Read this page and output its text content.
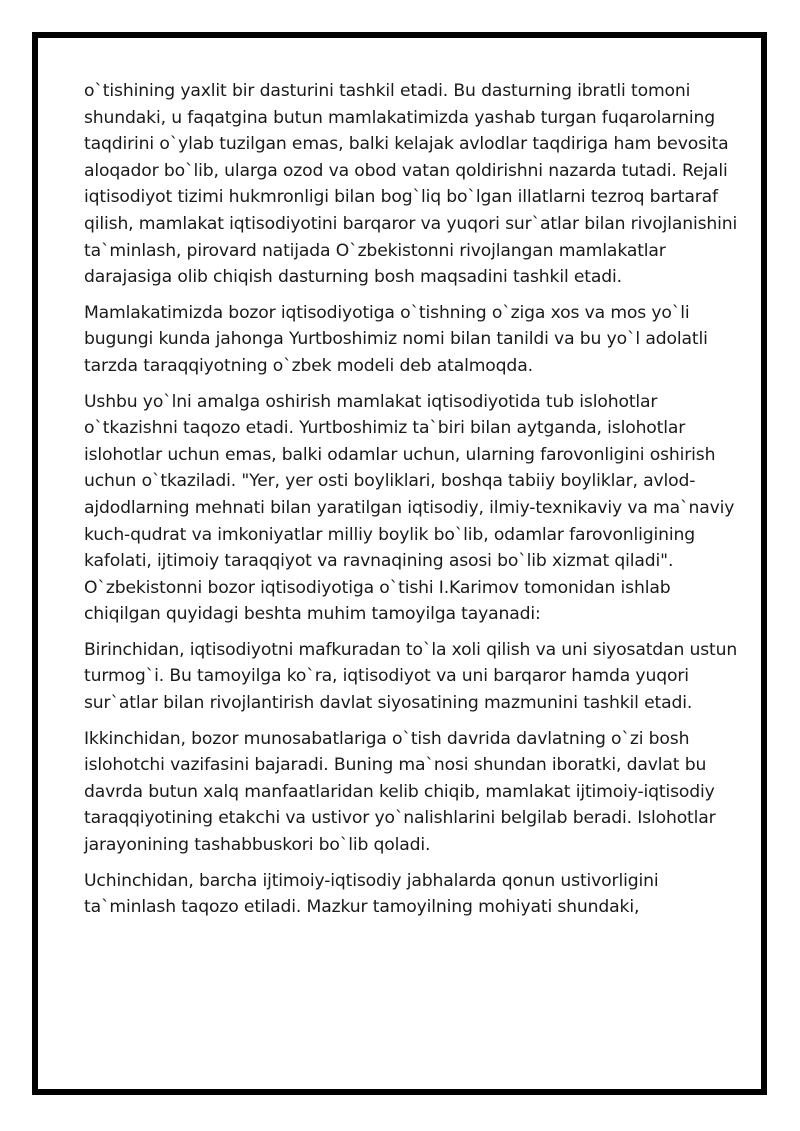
o`tishining yaxlit bir dasturini tashkil etadi. Bu dasturning ibratli tomoni shundaki, u faqatgina butun mamlakatimizda yashab turgan fuqarolarning taqdirini o`ylab tuzilgan emas, balki kelajak avlodlar taqdiriga ham bevosita aloqador bo`lib, ularga ozod va obod vatan qoldirishni nazarda tutadi. Rejali iqtisodiyot tizimi hukmronligi bilan bog`liq bo`lgan illatlarni tezroq bartaraf qilish, mamlakat iqtisodiyotini barqaror va yuqori sur`atlar bilan rivojlanishini ta`minlash, pirovard natijada O`zbekistonni rivojlangan mamlakatlar darajasiga olib chiqish dasturning bosh maqsadini tashkil etadi.

Mamlakatimizda bozor iqtisodiyotiga o`tishning o`ziga xos va mos yo`li bugungi kunda jahonga Yurtboshimiz nomi bilan tanildi va bu yo`l adolatli tarzda taraqqiyotning o`zbek modeli deb atalmoqda.

Ushbu yo`lni amalga oshirish mamlakat iqtisodiyotida tub islohotlar o`tkazishni taqozo etadi. Yurtboshimiz ta`biri bilan aytganda, islohotlar islohotlar uchun emas, balki odamlar uchun, ularning farovonligini oshirish uchun o`tkaziladi. "Yer, yer osti boyliklari, boshqa tabiiy boyliklar, avlod-ajdodlarning mehnati bilan yaratilgan iqtisodiy, ilmiy-texnikaviy va ma`naviy kuch-qudrat va imkoniyatlar milliy boylik bo`lib, odamlar farovonligining kafolati, ijtimoiy taraqqiyot va ravnaqining asosi bo`lib xizmat qiladi". O`zbekistonni bozor iqtisodiyotiga o`tishi I.Karimov tomonidan ishlab chiqilgan quyidagi beshta muhim tamoyilga tayanadi:

Birinchidan, iqtisodiyotni mafkuradan to`la xoli qilish va uni siyosatdan ustun turmog`i. Bu tamoyilga ko`ra, iqtisodiyot va uni barqaror hamda yuqori sur`atlar bilan rivojlantirish davlat siyosatining mazmunini tashkil etadi.

Ikkinchidan, bozor munosabatlariga o`tish davrida davlatning o`zi bosh islohotchi vazifasini bajaradi. Buning ma`nosi shundan iboratki, davlat bu davrda butun xalq manfaatlaridan kelib chiqib, mamlakat ijtimoiy-iqtisodiy taraqqiyotining etakchi va ustivor yo`nalishlarini belgilab beradi. Islohotlar jarayonining tashabbuskori bo`lib qoladi.

Uchinchidan, barcha ijtimoiy-iqtisodiy jabhalarda qonun ustivorligini ta`minlash taqozo etiladi. Mazkur tamoyilning mohiyati shundaki,
